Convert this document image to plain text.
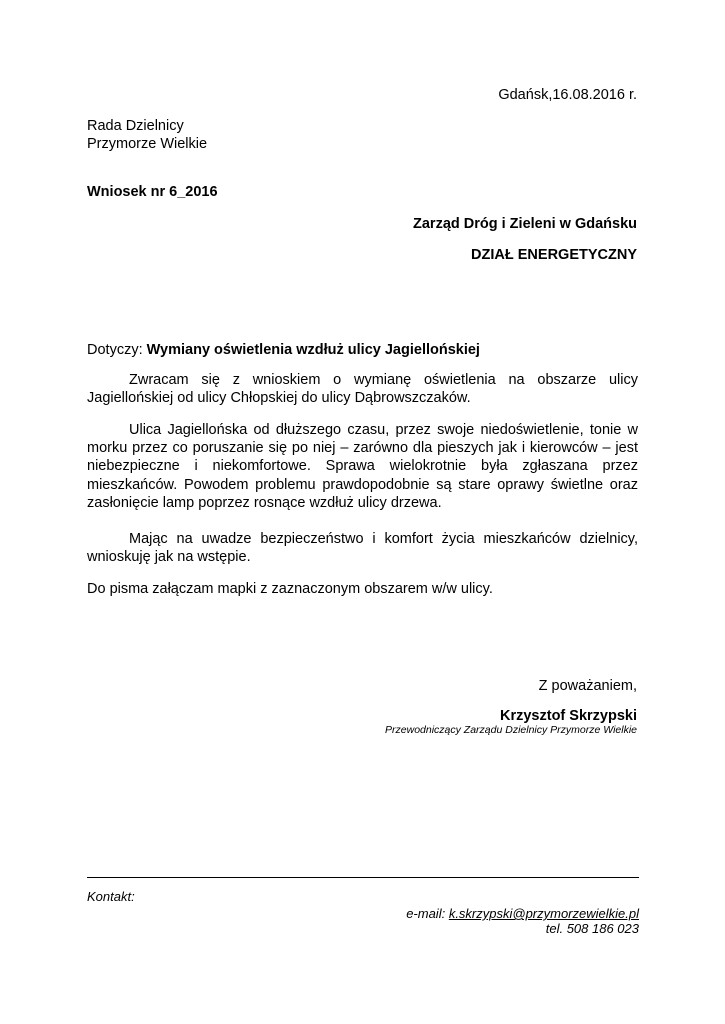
Gdańsk,16.08.2016 r.

Rada Dzielnicy

Przymorze Wielkie

Wniosek nr 6_2016
Zarząd Dróg i Zieleni w Gdańsku
DZIAŁ ENERGETYCZNY
Dotyczy: Wymiany oświetlenia wzdłuż ulicy Jagiellońskiej
Zwracam się z wnioskiem o wymianę oświetlenia na obszarze ulicy Jagiellońskiej od ulicy Chłopskiej do ulicy Dąbrowszczaków.
Ulica Jagiellońska od dłuższego czasu, przez swoje niedoświetlenie, tonie w morku przez co poruszanie się po niej – zarówno dla pieszych jak i kierowców – jest niebezpieczne i niekomfortowe. Sprawa wielokrotnie była zgłaszana przez mieszkańców. Powodem problemu prawdopodobnie są stare oprawy świetlne oraz zasłonięcie lamp poprzez rosnące wzdłuż ulicy drzewa.
Mając na uwadze bezpieczeństwo i komfort życia mieszkańców dzielnicy, wnioskuję jak na wstępie.
Do pisma załączam mapki z zaznaczonym obszarem w/w ulicy.
Z poważaniem,
Krzysztof Skrzypski
Przewodniczący Zarządu Dzielnicy Przymorze Wielkie
Kontakt:
e-mail: k.skrzypski@przymorzewielkie.pl
tel. 508 186 023
